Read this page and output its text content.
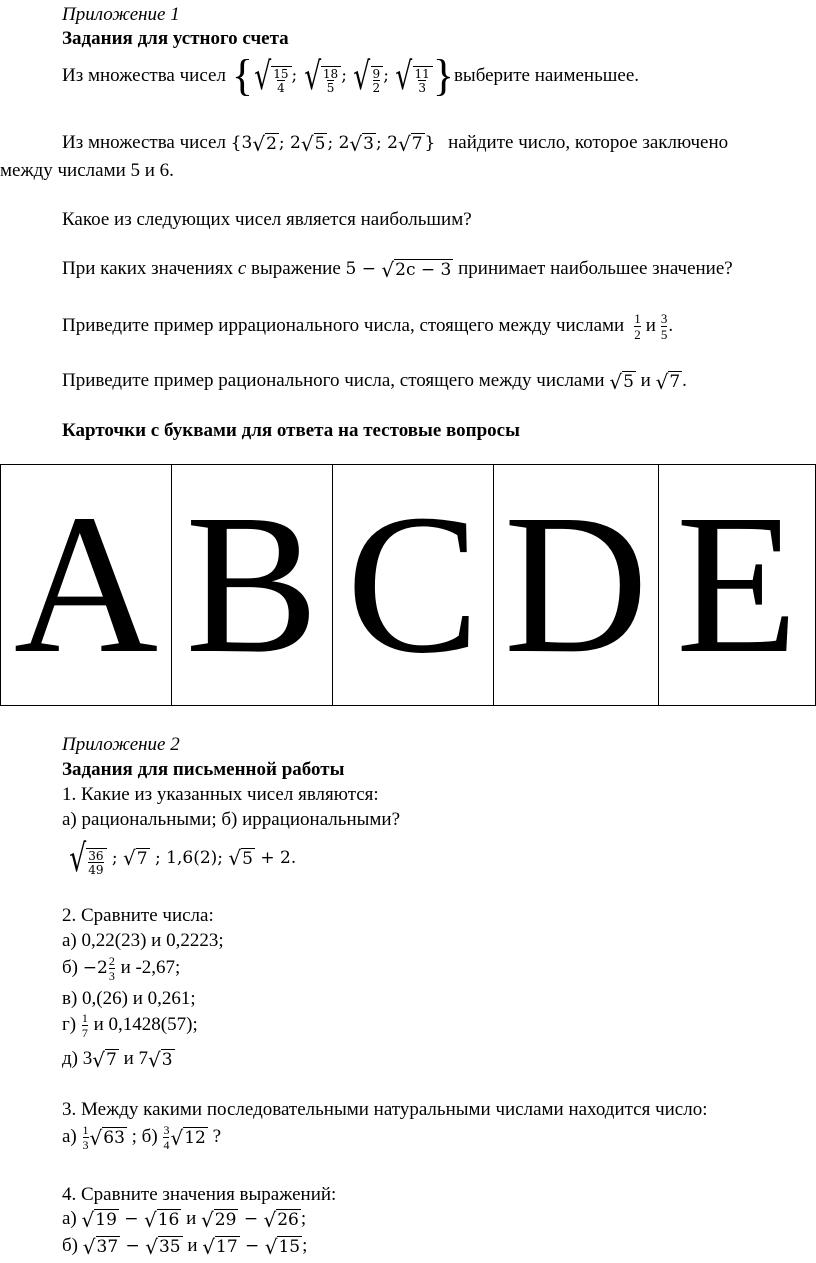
Приложение 1
Задания для устного счета
Из множества чисел { √ $\frac{15}{4}$ ; √ $\frac{18}{5}$ ; √ $\frac{9}{2}$ ; √ $\frac{11}{3}$ } выберите наименьшее.
Из множества чисел {3 √ 2 ; 2 √ 5 ; 2 √ 3 ; 2 √ 7 } найдите число, которое заключено
между числами 5 и 6.
Какое из следующих чисел является наибольшим?
При каких значениях c выражение 5 − √ 2c − 3 принимает наибольшее значение?
Приведите пример иррационального числа, стоящего между числами $\frac{1}{2}$ и $\frac{3}{5}$ .
Приведите пример рационального числа, стоящего между числами √ 5 и √ 7 .
Карточки с буквами для ответа на тестовые вопросы
A	B	C	D	E
Приложение 2
Задания для письменной работы
1. Какие из указанных чисел являются:
а) рациональными; б) иррациональными?
√ $\frac{36}{49}$ ; √ 7 ; 1,6(2); √ 5 + 2.
2. Сравните числа:
а) 0,22(23) и 0,2223;
$б) -2 \frac{2}{3}$ и -2,67;
в) 0,(26) и 0,261;
$г) \frac{1}{7}$ и 0,1428(57);
д) 3 √ 7 и 7 √ 3
3. Между какими последовательными натуральными числами находится число:
$а) \frac{1}{3}$ √ 63 ; $б) \frac{3}{4}$ √ 12 ?
4. Сравните значения выражений:
а) √ 19 − √ 16 и √ 29 − √ 26 ;
б) √ 37 − √ 35 и √ 17 − √ 15 ;
